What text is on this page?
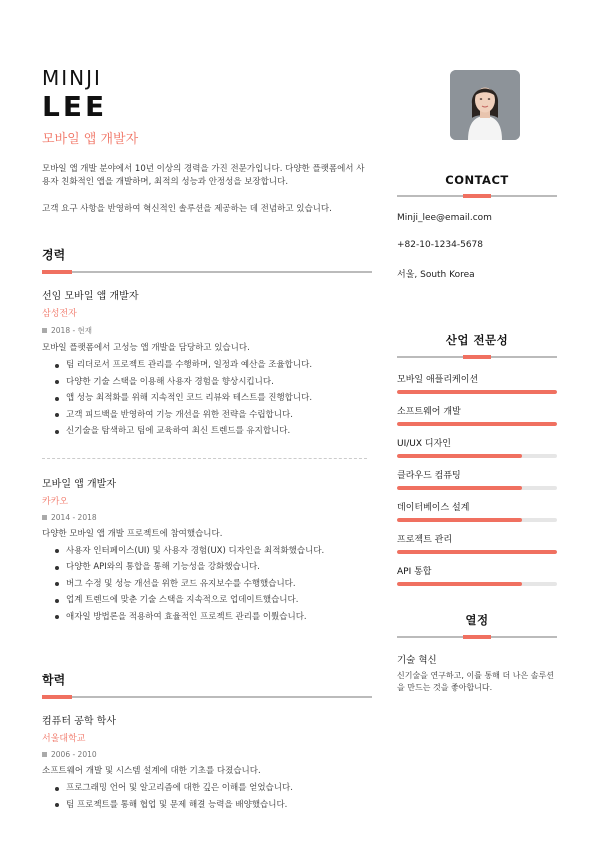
MINJI
LEE
모바일 앱 개발자

모바일 앱 개발 분야에서 10년 이상의 경력을 가진 전문가입니다. 다양한 플랫폼에서 사용자 친화적인 앱을 개발하며, 최적의 성능과 안정성을 보장합니다.

고객 요구 사항을 반영하여 혁신적인 솔루션을 제공하는 데 전념하고 있습니다.

경력
선임 모바일 앱 개발자
삼성전자
2018 - 현재
모바일 플랫폼에서 고성능 앱 개발을 담당하고 있습니다.
팀 리더로서 프로젝트 관리를 수행하며, 일정과 예산을 조율합니다.
다양한 기술 스택을 이용해 사용자 경험을 향상시킵니다.
앱 성능 최적화를 위해 지속적인 코드 리뷰와 테스트를 진행합니다.
고객 피드백을 반영하여 기능 개선을 위한 전략을 수립합니다.
신기술을 탐색하고 팀에 교육하여 최신 트렌드를 유지합니다.
모바일 앱 개발자
카카오
2014 - 2018
다양한 모바일 앱 개발 프로젝트에 참여했습니다.
사용자 인터페이스(UI) 및 사용자 경험(UX) 디자인을 최적화했습니다.
다양한 API와의 통합을 통해 기능성을 강화했습니다.
버그 수정 및 성능 개선을 위한 코드 유지보수를 수행했습니다.
업계 트렌드에 맞춘 기술 스택을 지속적으로 업데이트했습니다.
애자일 방법론을 적용하여 효율적인 프로젝트 관리를 이뤘습니다.
학력
컴퓨터 공학 학사
서울대학교
2006 - 2010
소프트웨어 개발 및 시스템 설계에 대한 기초를 다졌습니다.
프로그래밍 언어 및 알고리즘에 대한 깊은 이해를 얻었습니다.
팀 프로젝트를 통해 협업 및 문제 해결 능력을 배양했습니다.
CONTACT
Minji_lee@email.com
+82-10-1234-5678
서울, South Korea
산업 전문성
모바일 애플리케이션
소프트웨어 개발
UI/UX 디자인
클라우드 컴퓨팅
데이터베이스 설계
프로젝트 관리
API 통합
열정
기술 혁신
신기술을 연구하고, 이를 통해 더 나은 솔루션을 만드는 것을 좋아합니다.
